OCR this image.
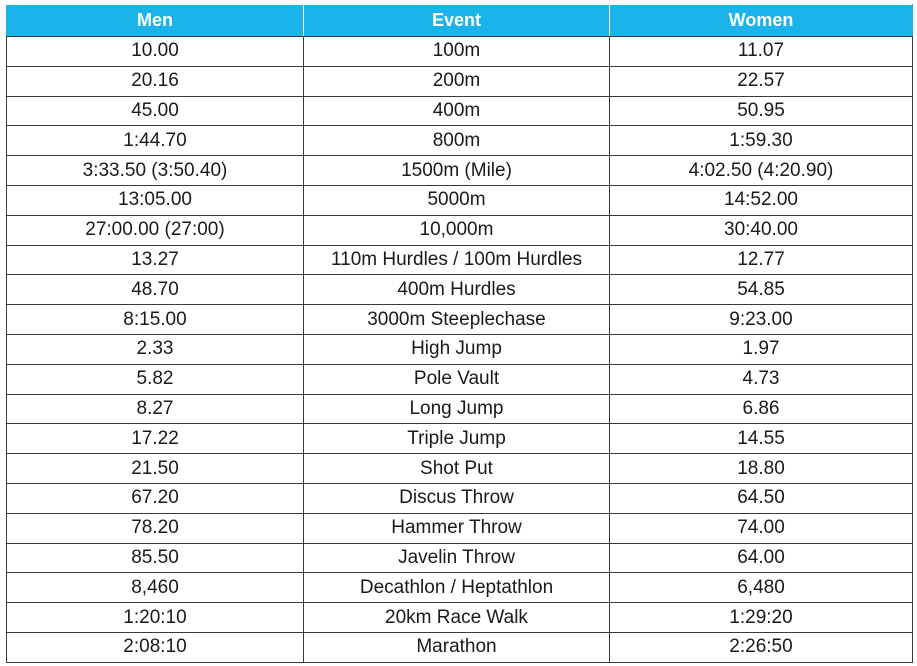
Men	Event	Women
10.00	100m	11.07
20.16	200m	22.57
45.00	400m	50.95
1:44.70	800m	1:59.30
3:33.50 (3:50.40)	1500m (Mile)	4:02.50 (4:20.90)
13:05.00	5000m	14:52.00
27:00.00 (27:00)	10,000m	30:40.00
13.27	110m Hurdles / 100m Hurdles	12.77
48.70	400m Hurdles	54.85
8:15.00	3000m Steeplechase	9:23.00
2.33	High Jump	1.97
5.82	Pole Vault	4.73
8.27	Long Jump	6.86
17.22	Triple Jump	14.55
21.50	Shot Put	18.80
67.20	Discus Throw	64.50
78.20	Hammer Throw	74.00
85.50	Javelin Throw	64.00
8,460	Decathlon / Heptathlon	6,480
1:20:10	20km Race Walk	1:29:20
2:08:10	Marathon	2:26:50
